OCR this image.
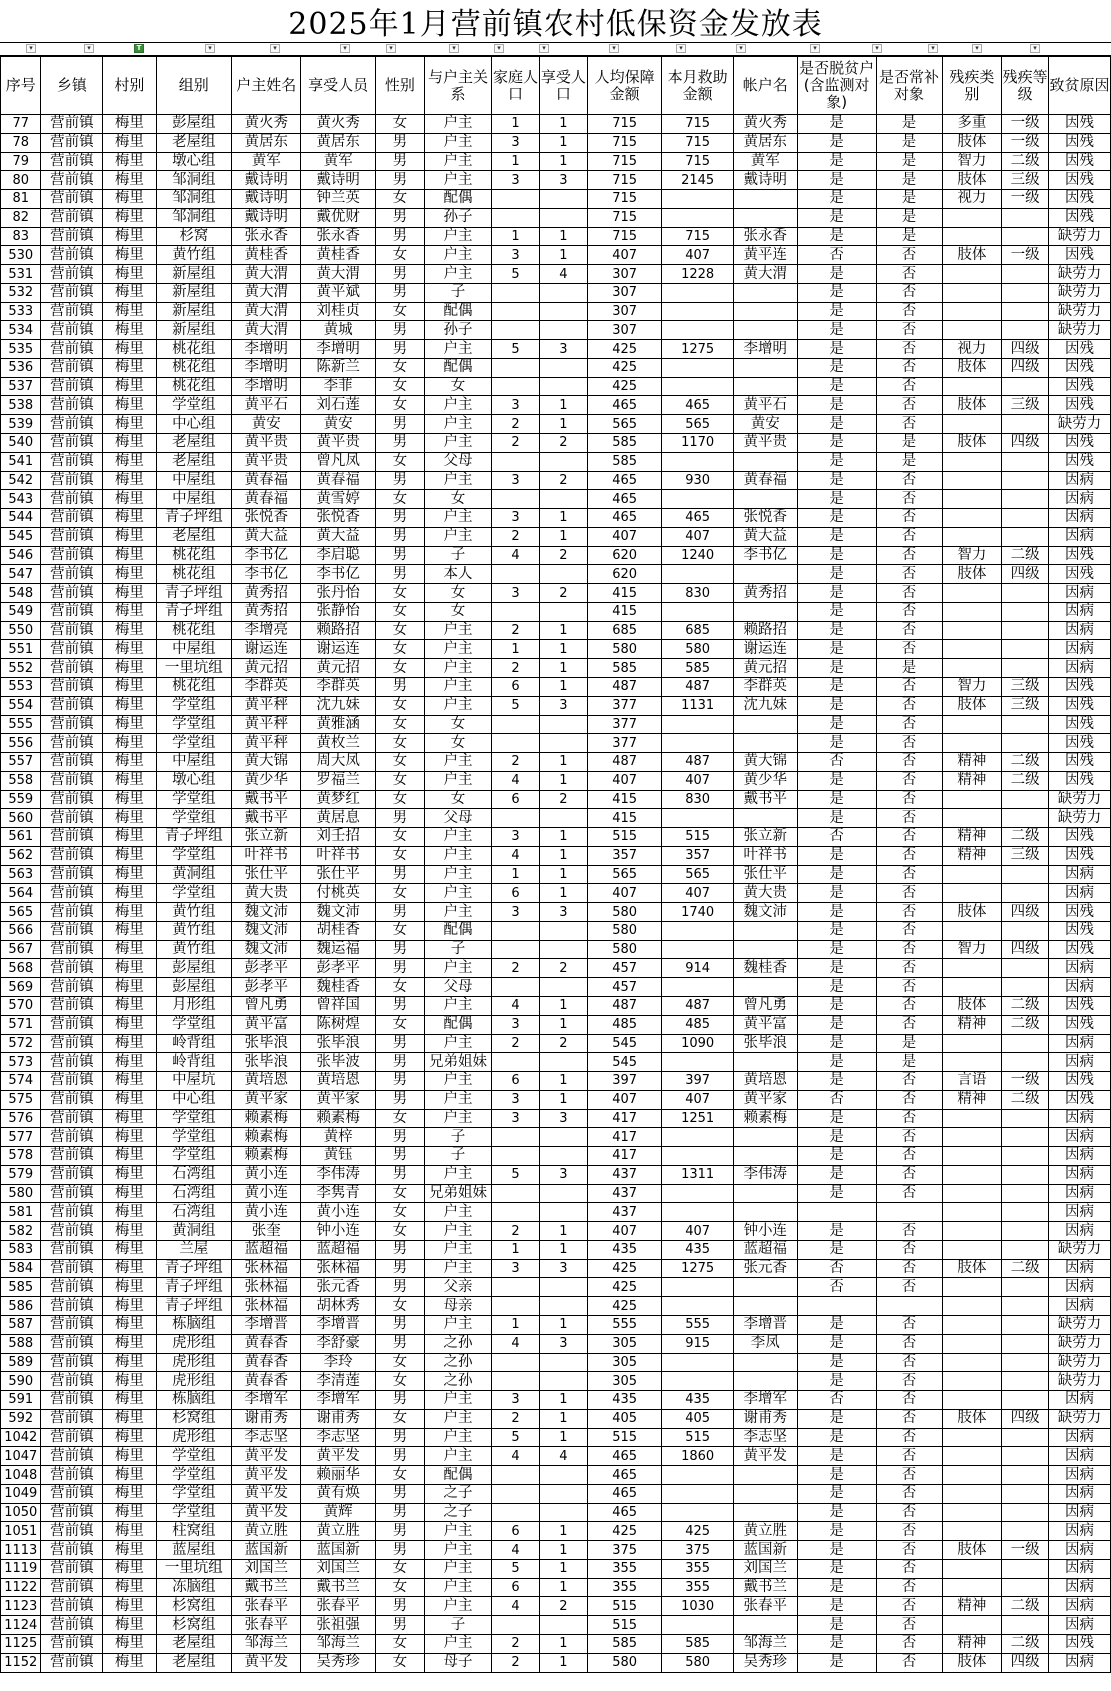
2025年1月营前镇农村低保资金发放表
▾	▾	T	▾	▾	▾	▾	▾	▾	▾	▾	▾	▾	▾	▾	▾	▾	▾
序号	乡镇	村别	组别	户主姓名	享受人员	性别	与户主关系	家庭人口	享受人口	人均保障金额	本月救助金额	帐户名	是否脱贫户(含监测对象)	是否常补对象	残疾类别	残疾等级	致贫原因
77	营前镇	梅里	彭屋组	黄火秀	黄火秀	女	户主	1	1	715	715	黄火秀	是	是	多重	一级	因残
78	营前镇	梅里	老屋组	黄居东	黄居东	男	户主	3	1	715	715	黄居东	是	是	肢体	一级	因残
79	营前镇	梅里	墩心组	黄军	黄军	男	户主	1	1	715	715	黄军	是	是	智力	二级	因残
80	营前镇	梅里	邹洞组	戴诗明	戴诗明	男	户主	3	3	715	2145	戴诗明	是	是	肢体	三级	因残
81	营前镇	梅里	邹洞组	戴诗明	钟兰英	女	配偶			715			是	是	视力	一级	因残
82	营前镇	梅里	邹洞组	戴诗明	戴优财	男	孙子			715			是	是			因残
83	营前镇	梅里	杉窝	张永香	张永香	男	户主	1	1	715	715	张永香	是	是			缺劳力
530	营前镇	梅里	黄竹组	黄桂香	黄桂香	女	户主	3	1	407	407	黄平连	否	否	肢体	一级	因残
531	营前镇	梅里	新屋组	黄大渭	黄大渭	男	户主	5	4	307	1228	黄大渭	是	否			缺劳力
532	营前镇	梅里	新屋组	黄大渭	黄平斌	男	子			307			是	否			缺劳力
533	营前镇	梅里	新屋组	黄大渭	刘桂贞	女	配偶			307			是	否			缺劳力
534	营前镇	梅里	新屋组	黄大渭	黄城	男	孙子			307			是	否			缺劳力
535	营前镇	梅里	桃花组	李增明	李增明	男	户主	5	3	425	1275	李增明	是	否	视力	四级	因残
536	营前镇	梅里	桃花组	李增明	陈新兰	女	配偶			425			是	否	肢体	四级	因残
537	营前镇	梅里	桃花组	李增明	李菲	女	女			425			是	否			因残
538	营前镇	梅里	学堂组	黄平石	刘石莲	女	户主	3	1	465	465	黄平石	是	否	肢体	三级	因残
539	营前镇	梅里	中心组	黄安	黄安	男	户主	2	1	565	565	黄安	是	否			缺劳力
540	营前镇	梅里	老屋组	黄平贵	黄平贵	男	户主	2	2	585	1170	黄平贵	是	是	肢体	四级	因残
541	营前镇	梅里	老屋组	黄平贵	曾凡凤	女	父母			585			是	是			因残
542	营前镇	梅里	中屋组	黄春福	黄春福	男	户主	3	2	465	930	黄春福	是	否			因病
543	营前镇	梅里	中屋组	黄春福	黄雪婷	女	女			465			是	否			因病
544	营前镇	梅里	青子坪组	张悦香	张悦香	男	户主	3	1	465	465	张悦香	是	否			因病
545	营前镇	梅里	老屋组	黄大益	黄大益	男	户主	2	1	407	407	黄大益	是	否			因病
546	营前镇	梅里	桃花组	李书亿	李启聪	男	子	4	2	620	1240	李书亿	是	否	智力	二级	因残
547	营前镇	梅里	桃花组	李书亿	李书亿	男	本人			620			是	否	肢体	四级	因残
548	营前镇	梅里	青子坪组	黄秀招	张丹怡	女	女	3	2	415	830	黄秀招	是	否			因病
549	营前镇	梅里	青子坪组	黄秀招	张静怡	女	女			415			是	否			因病
550	营前镇	梅里	桃花组	李增亮	赖路招	女	户主	2	1	685	685	赖路招	是	否			因病
551	营前镇	梅里	中屋组	谢运连	谢运连	女	户主	1	1	580	580	谢运连	是	否			因病
552	营前镇	梅里	一里坑组	黄元招	黄元招	女	户主	2	1	585	585	黄元招	是	是			因病
553	营前镇	梅里	桃花组	李群英	李群英	男	户主	6	1	487	487	李群英	是	否	智力	三级	因残
554	营前镇	梅里	学堂组	黄平秤	沈九妹	女	户主	5	3	377	1131	沈九妹	是	否	肢体	三级	因残
555	营前镇	梅里	学堂组	黄平秤	黄雅涵	女	女			377			是	否			因残
556	营前镇	梅里	学堂组	黄平秤	黄枚兰	女	女			377			是	否			因残
557	营前镇	梅里	中屋组	黄大锦	周大凤	女	户主	2	1	487	487	黄大锦	否	否	精神	二级	因残
558	营前镇	梅里	墩心组	黄少华	罗福兰	女	户主	4	1	407	407	黄少华	是	否	精神	二级	因残
559	营前镇	梅里	学堂组	戴书平	黄梦红	女	女	6	2	415	830	戴书平	是	否			缺劳力
560	营前镇	梅里	学堂组	戴书平	黄居息	男	父母			415			是	否			缺劳力
561	营前镇	梅里	青子坪组	张立新	刘壬招	女	户主	3	1	515	515	张立新	否	否	精神	二级	因残
562	营前镇	梅里	学堂组	叶祥书	叶祥书	女	户主	4	1	357	357	叶祥书	是	否	精神	三级	因残
563	营前镇	梅里	黄洞组	张仕平	张仕平	男	户主	1	1	565	565	张仕平	是	否			因病
564	营前镇	梅里	学堂组	黄大贵	付桃英	女	户主	6	1	407	407	黄大贵	是	否			因病
565	营前镇	梅里	黄竹组	魏文沛	魏文沛	男	户主	3	3	580	1740	魏文沛	是	否	肢体	四级	因残
566	营前镇	梅里	黄竹组	魏文沛	胡桂香	女	配偶			580			是	否			因残
567	营前镇	梅里	黄竹组	魏文沛	魏运福	男	子			580			是	否	智力	四级	因残
568	营前镇	梅里	彭屋组	彭孝平	彭孝平	男	户主	2	2	457	914	魏桂香	是	否			因病
569	营前镇	梅里	彭屋组	彭孝平	魏桂香	女	父母			457			是	否			因病
570	营前镇	梅里	月形组	曾凡勇	曾祥国	男	户主	4	1	487	487	曾凡勇	是	否	肢体	二级	因残
571	营前镇	梅里	学堂组	黄平富	陈树煌	女	配偶	3	1	485	485	黄平富	是	否	精神	二级	因残
572	营前镇	梅里	岭背组	张毕浪	张毕浪	男	户主	2	2	545	1090	张毕浪	是	是			因病
573	营前镇	梅里	岭背组	张毕浪	张毕波	男	兄弟姐妹			545			是	是			因病
574	营前镇	梅里	中屋坑	黄培恩	黄培恩	男	户主	6	1	397	397	黄培恩	是	否	言语	一级	因残
575	营前镇	梅里	中心组	黄平家	黄平家	男	户主	3	1	407	407	黄平家	否	否	精神	二级	因残
576	营前镇	梅里	学堂组	赖素梅	赖素梅	女	户主	3	3	417	1251	赖素梅	是	否			因病
577	营前镇	梅里	学堂组	赖素梅	黄梓	男	子			417			是	否			因病
578	营前镇	梅里	学堂组	赖素梅	黄钰	男	子			417			是	否			因病
579	营前镇	梅里	石湾组	黄小连	李伟涛	男	户主	5	3	437	1311	李伟涛	是	否			因病
580	营前镇	梅里	石湾组	黄小连	李隽青	女	兄弟姐妹			437			是	否			因病
581	营前镇	梅里	石湾组	黄小连	黄小连	女	户主			437							因病
582	营前镇	梅里	黄洞组	张奎	钟小连	女	户主	2	1	407	407	钟小连	是	否			因病
583	营前镇	梅里	兰屋	蓝超福	蓝超福	男	户主	1	1	435	435	蓝超福	是	否			缺劳力
584	营前镇	梅里	青子坪组	张林福	张林福	男	户主	3	3	425	1275	张元香	否	否	肢体	二级	因病
585	营前镇	梅里	青子坪组	张林福	张元香	男	父亲			425			否	否			因病
586	营前镇	梅里	青子坪组	张林福	胡林秀	女	母亲			425							因病
587	营前镇	梅里	栋脑组	李增晋	李增晋	男	户主	1	1	555	555	李增晋	是	否			缺劳力
588	营前镇	梅里	虎形组	黄春香	李舒豪	男	之孙	4	3	305	915	李凤	是	否			缺劳力
589	营前镇	梅里	虎形组	黄春香	李玲	女	之孙			305			是	否			缺劳力
590	营前镇	梅里	虎形组	黄春香	李清莲	女	之孙			305			是	否			缺劳力
591	营前镇	梅里	栋脑组	李增军	李增军	男	户主	3	1	435	435	李增军	否	否			因病
592	营前镇	梅里	杉窝组	谢甫秀	谢甫秀	女	户主	2	1	405	405	谢甫秀	是	否	肢体	四级	缺劳力
1042	营前镇	梅里	虎形组	李志坚	李志坚	男	户主	5	1	515	515	李志坚	是	否			因病
1047	营前镇	梅里	学堂组	黄平发	黄平发	男	户主	4	4	465	1860	黄平发	是	否			因病
1048	营前镇	梅里	学堂组	黄平发	赖丽华	女	配偶			465			是	否			因病
1049	营前镇	梅里	学堂组	黄平发	黄有焕	男	之子			465			是	否			因病
1050	营前镇	梅里	学堂组	黄平发	黄辉	男	之子			465			是	否			因病
1051	营前镇	梅里	柱窝组	黄立胜	黄立胜	男	户主	6	1	425	425	黄立胜	是	否			因病
1113	营前镇	梅里	蓝屋组	蓝国新	蓝国新	男	户主	4	1	375	375	蓝国新	是	否	肢体	一级	因病
1119	营前镇	梅里	一里坑组	刘国兰	刘国兰	女	户主	5	1	355	355	刘国兰	是	否			因病
1122	营前镇	梅里	冻脑组	戴书兰	戴书兰	女	户主	6	1	355	355	戴书兰	是	否			因病
1123	营前镇	梅里	杉窝组	张春平	张春平	男	户主	4	2	515	1030	张春平	是	否	精神	二级	因病
1124	营前镇	梅里	杉窝组	张春平	张祖强	男	子			515			是	否			因病
1125	营前镇	梅里	老屋组	邹海兰	邹海兰	女	户主	2	1	585	585	邹海兰	是	否	精神	二级	因残
1152	营前镇	梅里	老屋组	黄平发	吴秀珍	女	母子	2	1	580	580	吴秀珍	是	否	肢体	四级	因病
